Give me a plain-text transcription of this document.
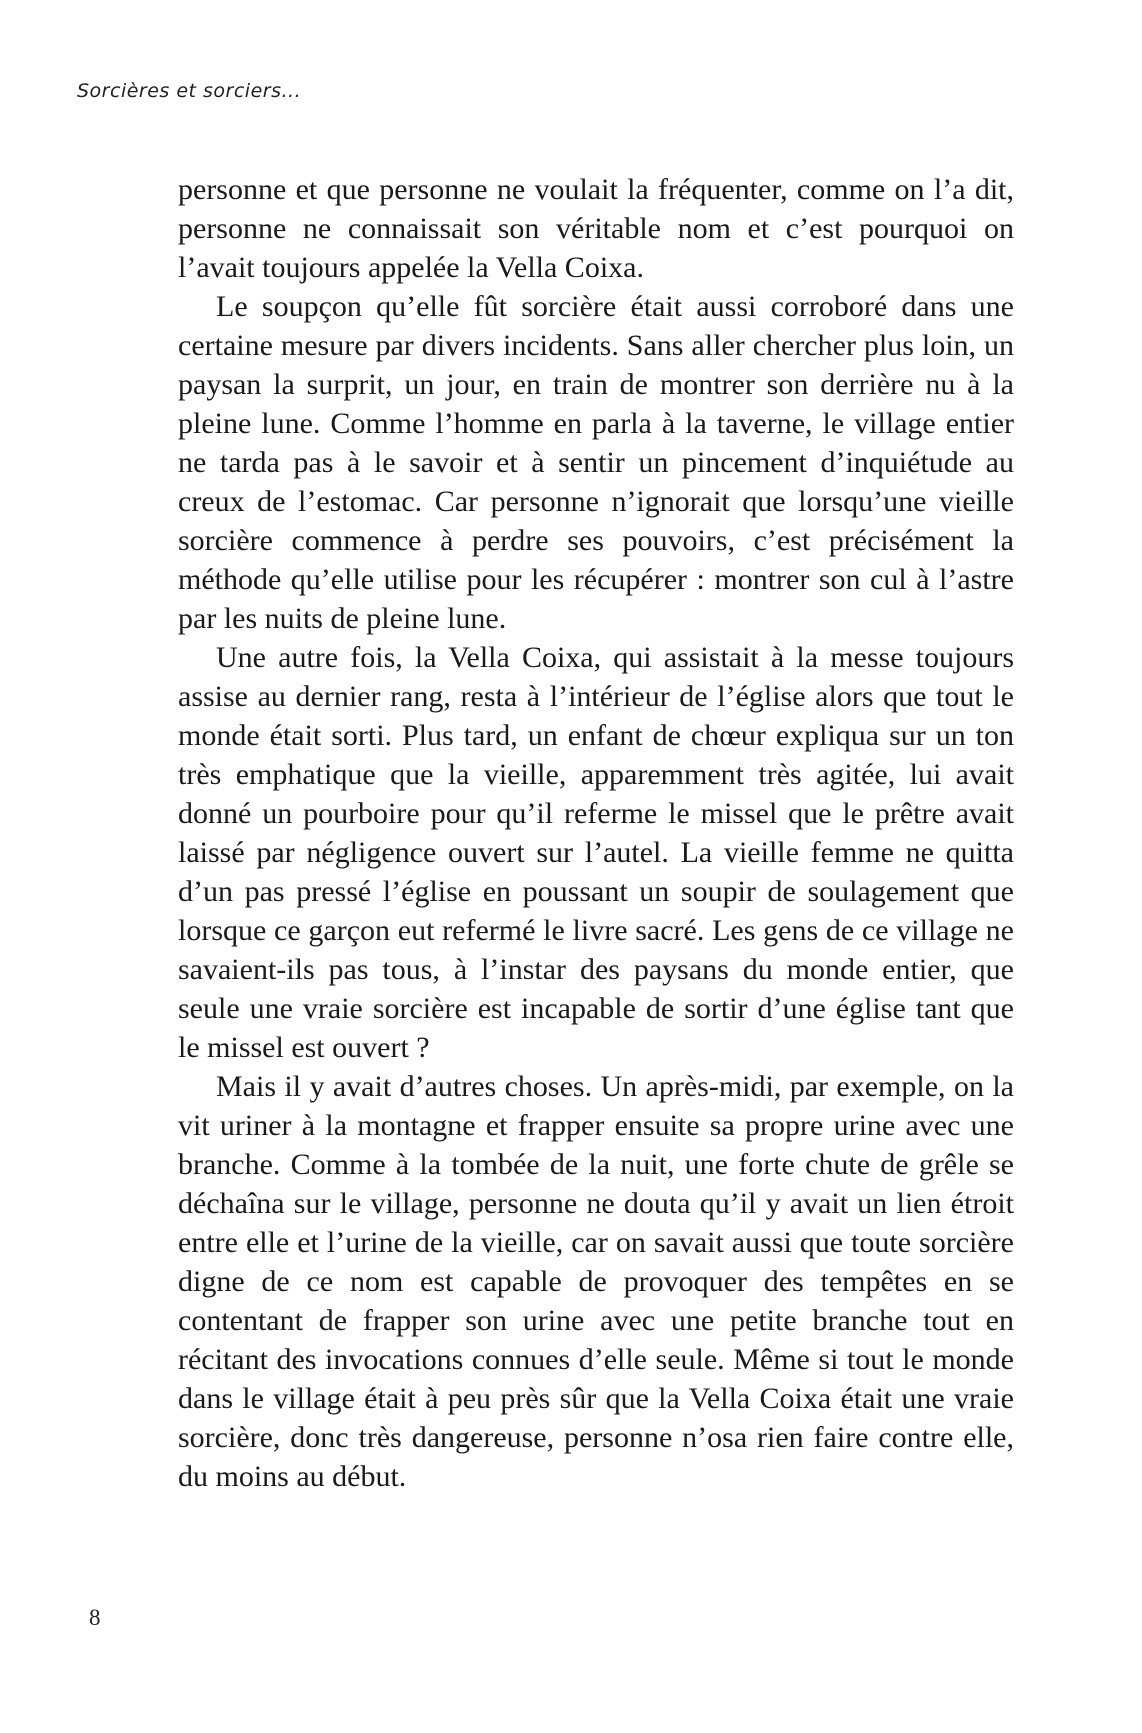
Sorcières et sorciers...

personne et que personne ne voulait la fréquenter, comme on l’a dit, personne ne connaissait son véritable nom et c’est pourquoi on l’avait toujours appelée la Vella Coixa.

Le soupçon qu’elle fût sorcière était aussi corroboré dans une certaine mesure par divers incidents. Sans aller chercher plus loin, un paysan la surprit, un jour, en train de montrer son derrière nu à la pleine lune. Comme l’homme en parla à la taverne, le village entier ne tarda pas à le savoir et à sentir un pincement d’inquiétude au creux de l’estomac. Car personne n’ignorait que lorsqu’une vieille sorcière commence à perdre ses pouvoirs, c’est précisément la méthode qu’elle utilise pour les récupérer : montrer son cul à l’astre par les nuits de pleine lune.

Une autre fois, la Vella Coixa, qui assistait à la messe toujours assise au dernier rang, resta à l’intérieur de l’église alors que tout le monde était sorti. Plus tard, un enfant de chœur expliqua sur un ton très emphatique que la vieille, apparemment très agitée, lui avait donné un pourboire pour qu’il referme le missel que le prêtre avait laissé par négligence ouvert sur l’autel. La vieille femme ne quitta d’un pas pressé l’église en poussant un soupir de soulagement que lorsque ce garçon eut refermé le livre sacré. Les gens de ce village ne savaient-ils pas tous, à l’instar des paysans du monde entier, que seule une vraie sorcière est incapable de sortir d’une église tant que le missel est ouvert ?

Mais il y avait d’autres choses. Un après-midi, par exemple, on la vit uriner à la montagne et frapper ensuite sa propre urine avec une branche. Comme à la tombée de la nuit, une forte chute de grêle se déchaîna sur le village, personne ne douta qu’il y avait un lien étroit entre elle et l’urine de la vieille, car on savait aussi que toute sorcière digne de ce nom est capable de provoquer des tempêtes en se contentant de frapper son urine avec une petite branche tout en récitant des invocations connues d’elle seule. Même si tout le monde dans le village était à peu près sûr que la Vella Coixa était une vraie sorcière, donc très dangereuse, personne n’osa rien faire contre elle, du moins au début.

8
